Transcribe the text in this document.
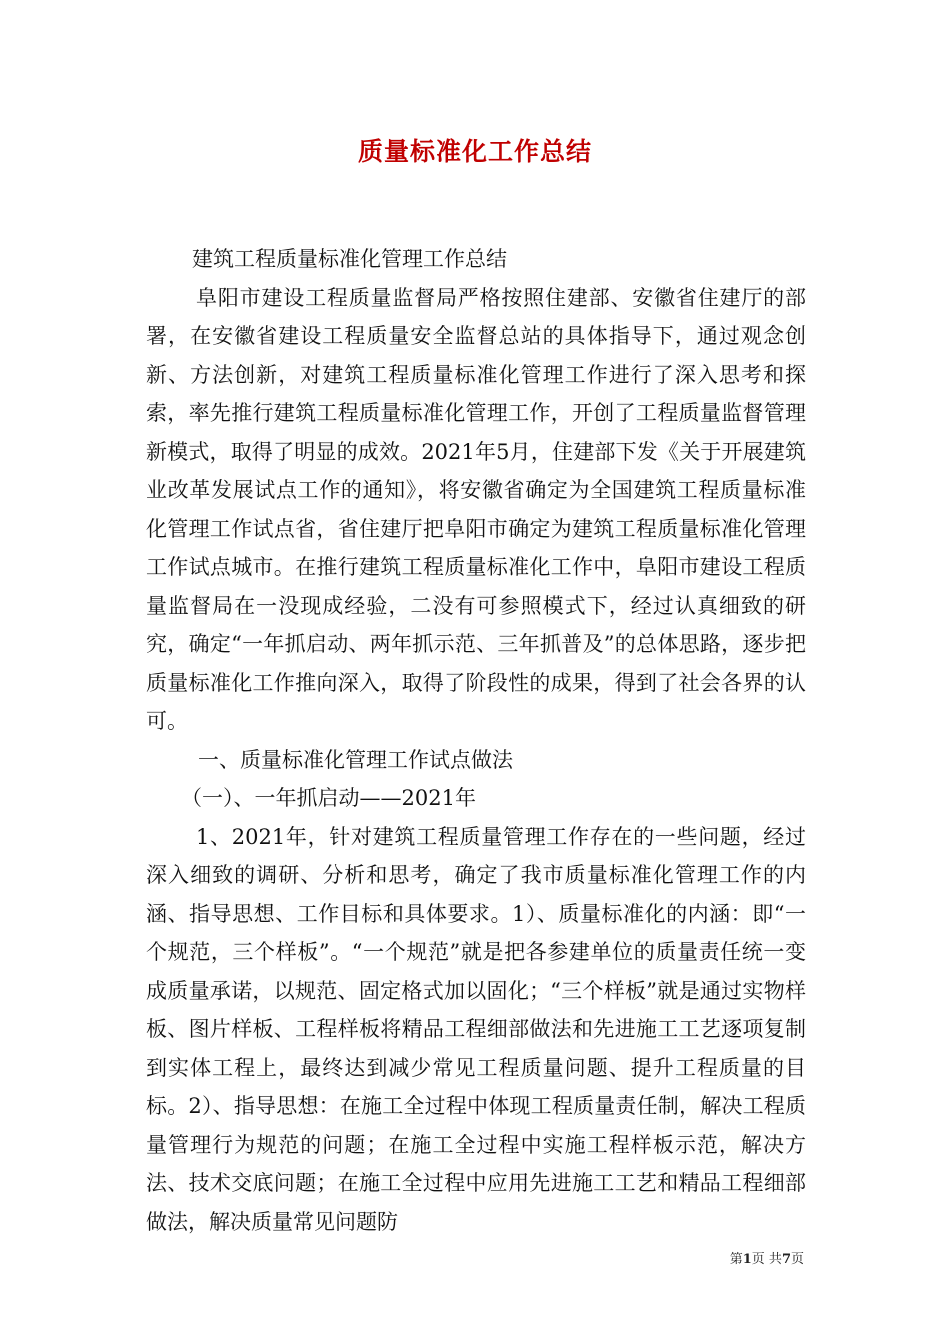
质量标准化工作总结

建筑工程质量标准化管理工作总结

阜阳市建设工程质量监督局严格按照住建部、安徽省住建厅的部署，在安徽省建设工程质量安全监督总站的具体指导下，通过观念创新、方法创新，对建筑工程质量标准化管理工作进行了深入思考和探索，率先推行建筑工程质量标准化管理工作，开创了工程质量监督管理新模式，取得了明显的成效。2021年5月，住建部下发《关于开展建筑业改革发展试点工作的通知》，将安徽省确定为全国建筑工程质量标准化管理工作试点省，省住建厅把阜阳市确定为建筑工程质量标准化管理工作试点城市。在推行建筑工程质量标准化工作中，阜阳市建设工程质量监督局在一没现成经验，二没有可参照模式下，经过认真细致的研究，确定“一年抓启动、两年抓示范、三年抓普及”的总体思路，逐步把质量标准化工作推向深入，取得了阶段性的成果，得到了社会各界的认可。

一、质量标准化管理工作试点做法

（一）、一年抓启动——2021年

1、2021年，针对建筑工程质量管理工作存在的一些问题，经过深入细致的调研、分析和思考，确定了我市质量标准化管理工作的内涵、指导思想、工作目标和具体要求。1）、质量标准化的内涵：即“一个规范，三个样板”。“一个规范”就是把各参建单位的质量责任统一变成质量承诺，以规范、固定格式加以固化；“三个样板”就是通过实物样板、图片样板、工程样板将精品工程细部做法和先进施工工艺逐项复制到实体工程上，最终达到减少常见工程质量问题、提升工程质量的目标。2）、指导思想：在施工全过程中体现工程质量责任制，解决工程质量管理行为规范的问题；在施工全过程中实施工程样板示范，解决方法、技术交底问题；在施工全过程中应用先进施工工艺和精品工程细部做法，解决质量常见问题防

第1页 共7页
